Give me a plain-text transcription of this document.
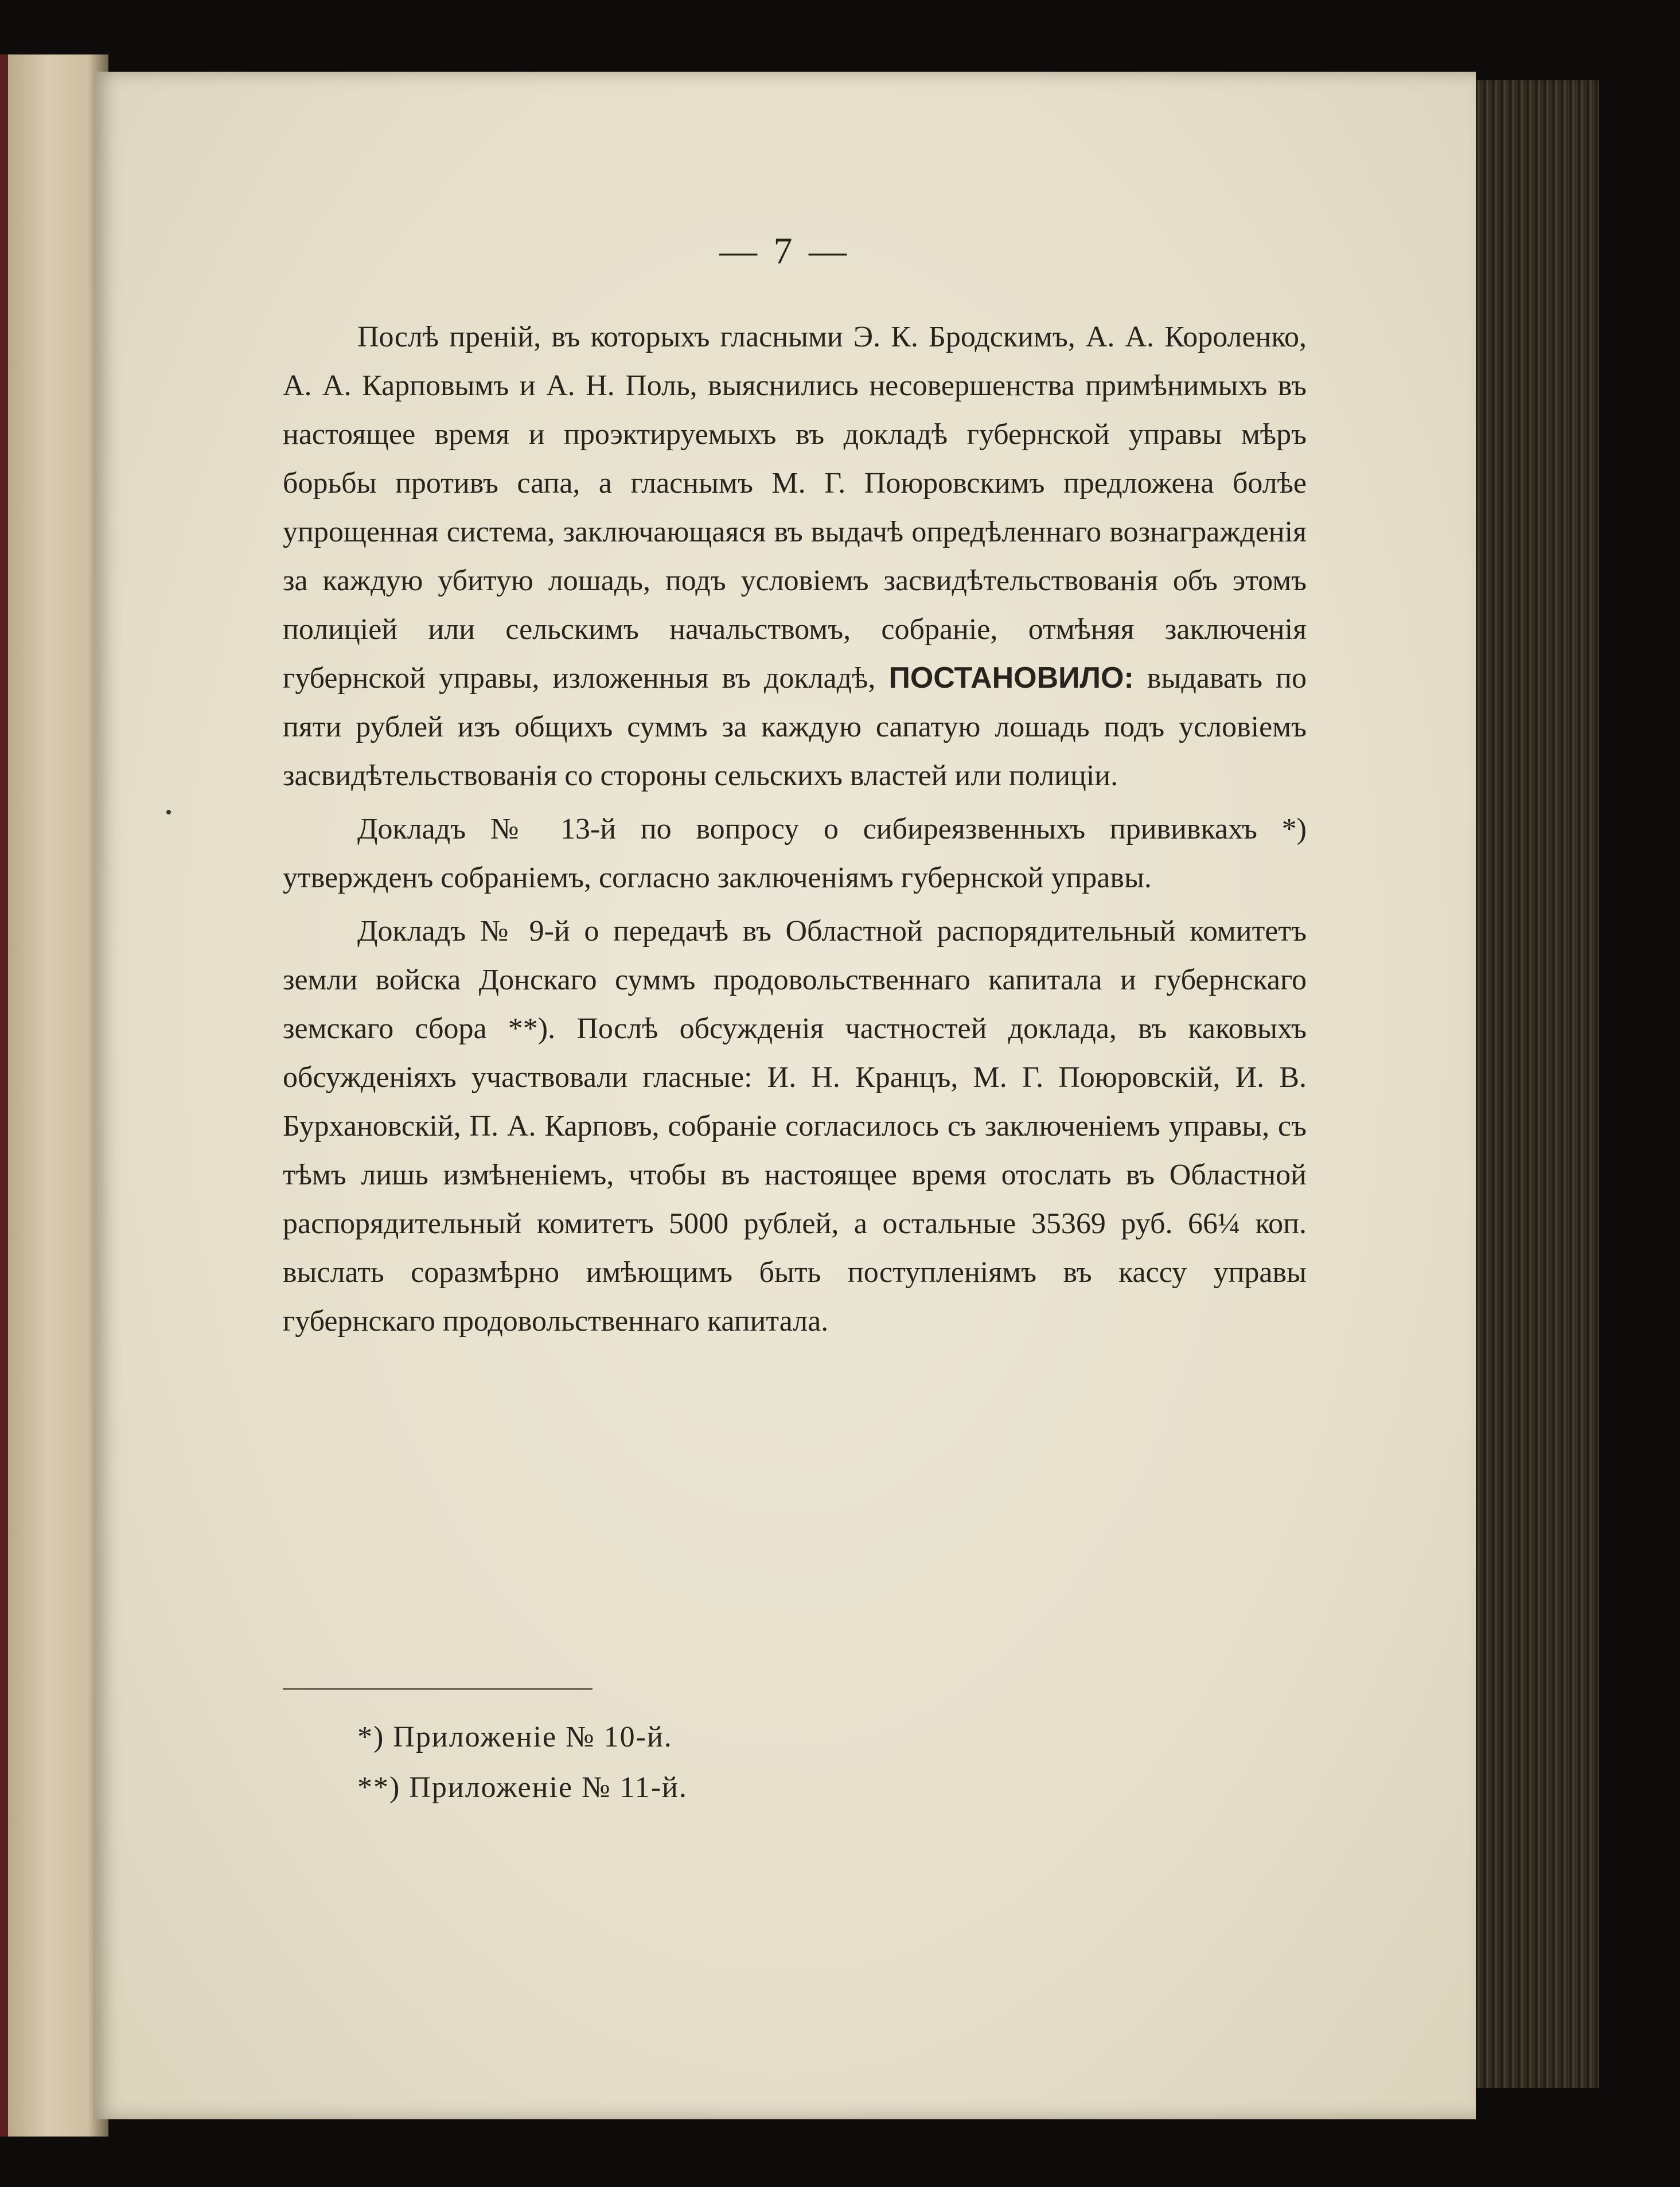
— 7 —

Послѣ преній, въ которыхъ гласными Э. К. Бродскимъ, А. А. Короленко, А. А. Карповымъ и А. Н. Поль, выяснились несовершенства примѣнимыхъ въ настоящее время и проэктируемыхъ въ докладѣ губернской управы мѣръ борьбы противъ сапа, а гласнымъ М. Г. Поюровскимъ предложена болѣе упрощенная система, заключающаяся въ выдачѣ опредѣленнаго вознагражденія за каждую убитую лошадь, подъ условіемъ засвидѣтельствованія объ этомъ полиціей или сельскимъ начальствомъ, собраніе, отмѣняя заключенія губернской управы, изложенныя въ докладѣ, ПОСТАНОВИЛО: выдавать по пяти рублей изъ общихъ суммъ за каждую сапатую лошадь подъ условіемъ засвидѣтельствованія со стороны сельскихъ властей или полиціи.

Докладъ № 13-й по вопросу о сибиреязвенныхъ прививкахъ *) утвержденъ собраніемъ, согласно заключеніямъ губернской управы.

Докладъ № 9-й о передачѣ въ Областной распорядительный комитетъ земли войска Донскаго суммъ продовольственнаго капитала и губернскаго земскаго сбора **). Послѣ обсужденія частностей доклада, въ каковыхъ обсужденіяхъ участвовали гласные: И. Н. Кранцъ, М. Г. Поюровскій, И. В. Бурхановскій, П. А. Карповъ, собраніе согласилось съ заключеніемъ управы, съ тѣмъ лишь измѣненіемъ, чтобы въ настоящее время отослать въ Областной распорядительный комитетъ 5000 рублей, а остальные 35369 руб. 66¼ коп. выслать соразмѣрно имѣющимъ быть поступленіямъ въ кассу управы губернскаго продовольственнаго капитала.

*) Приложеніе № 10-й.

**) Приложеніе № 11-й.
